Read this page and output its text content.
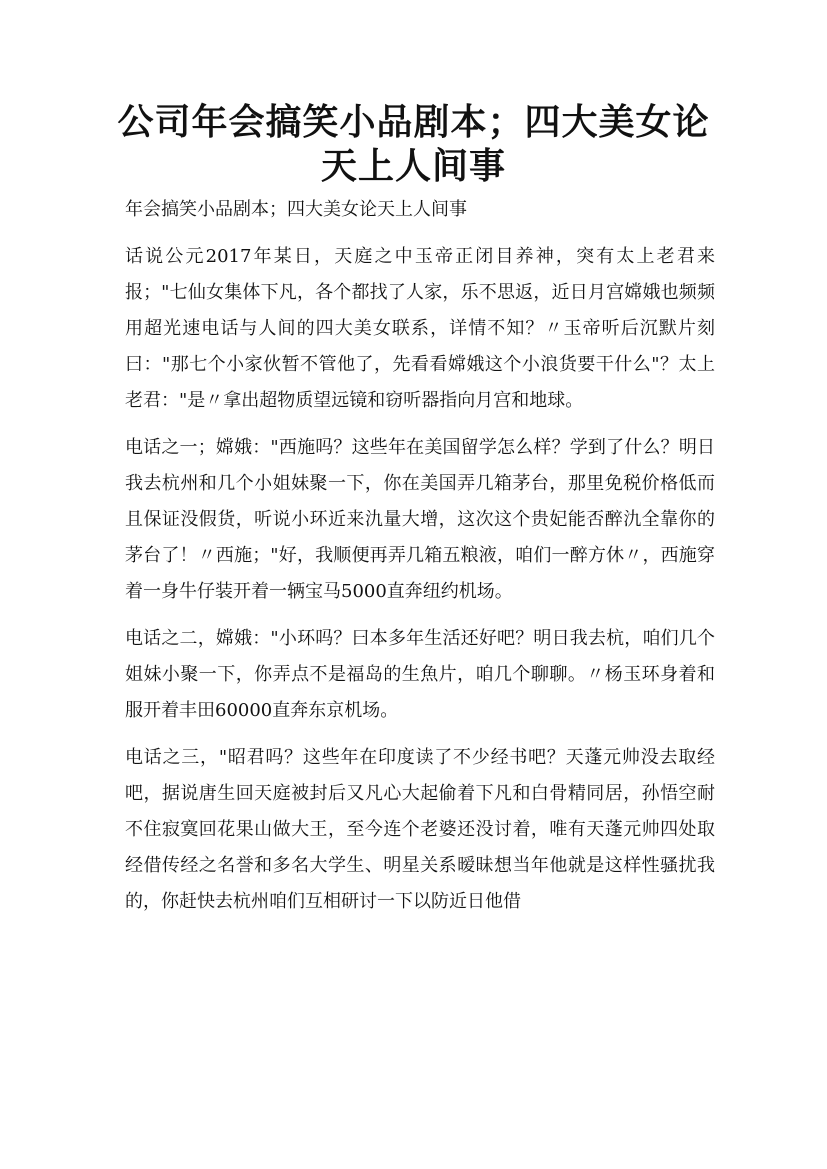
公司年会搞笑小品剧本；四大美女论天上人间事

年会搞笑小品剧本；四大美女论天上人间事

话说公元2017年某日，天庭之中玉帝正闭目养神，突有太上老君来报；"七仙女集体下凡，各个都找了人家，乐不思返，近日月宫嫦娥也频频用超光速电话与人间的四大美女联系，详情不知？〃玉帝听后沉默片刻曰："那七个小家伙暂不管他了，先看看嫦娥这个小浪货要干什么"？太上老君："是〃拿出超物质望远镜和窃听器指向月宫和地球。

电话之一；嫦娥："西施吗？这些年在美国留学怎么样？学到了什么？明日我去杭州和几个小姐妹聚一下，你在美国弄几箱茅台，那里免税价格低而且保证没假货，听说小环近来氿量大增，这次这个贵妃能否醉氿全靠你的茅台了！〃西施；"好，我顺便再弄几箱五粮液，咱们一醉方休〃，西施穿着一身牛仔装开着一辆宝马5000直奔纽约机场。

电话之二，嫦娥："小环吗？曰本多年生活还好吧？明日我去杭，咱们几个姐妹小聚一下，你弄点不是福岛的生魚片，咱几个聊聊。〃杨玉环身着和服开着丰田60000直奔东京机场。

电话之三，"昭君吗？这些年在印度读了不少经书吧？天蓬元帅没去取经吧，据说唐生回天庭被封后又凡心大起偷着下凡和白骨精同居，孙悟空耐不住寂寞回花果山做大王，至今连个老婆还没讨着，唯有天蓬元帅四处取经借传经之名誉和多名大学生、明星关系暧昧想当年他就是这样性骚扰我的，你赶快去杭州咱们互相研讨一下以防近日他借
